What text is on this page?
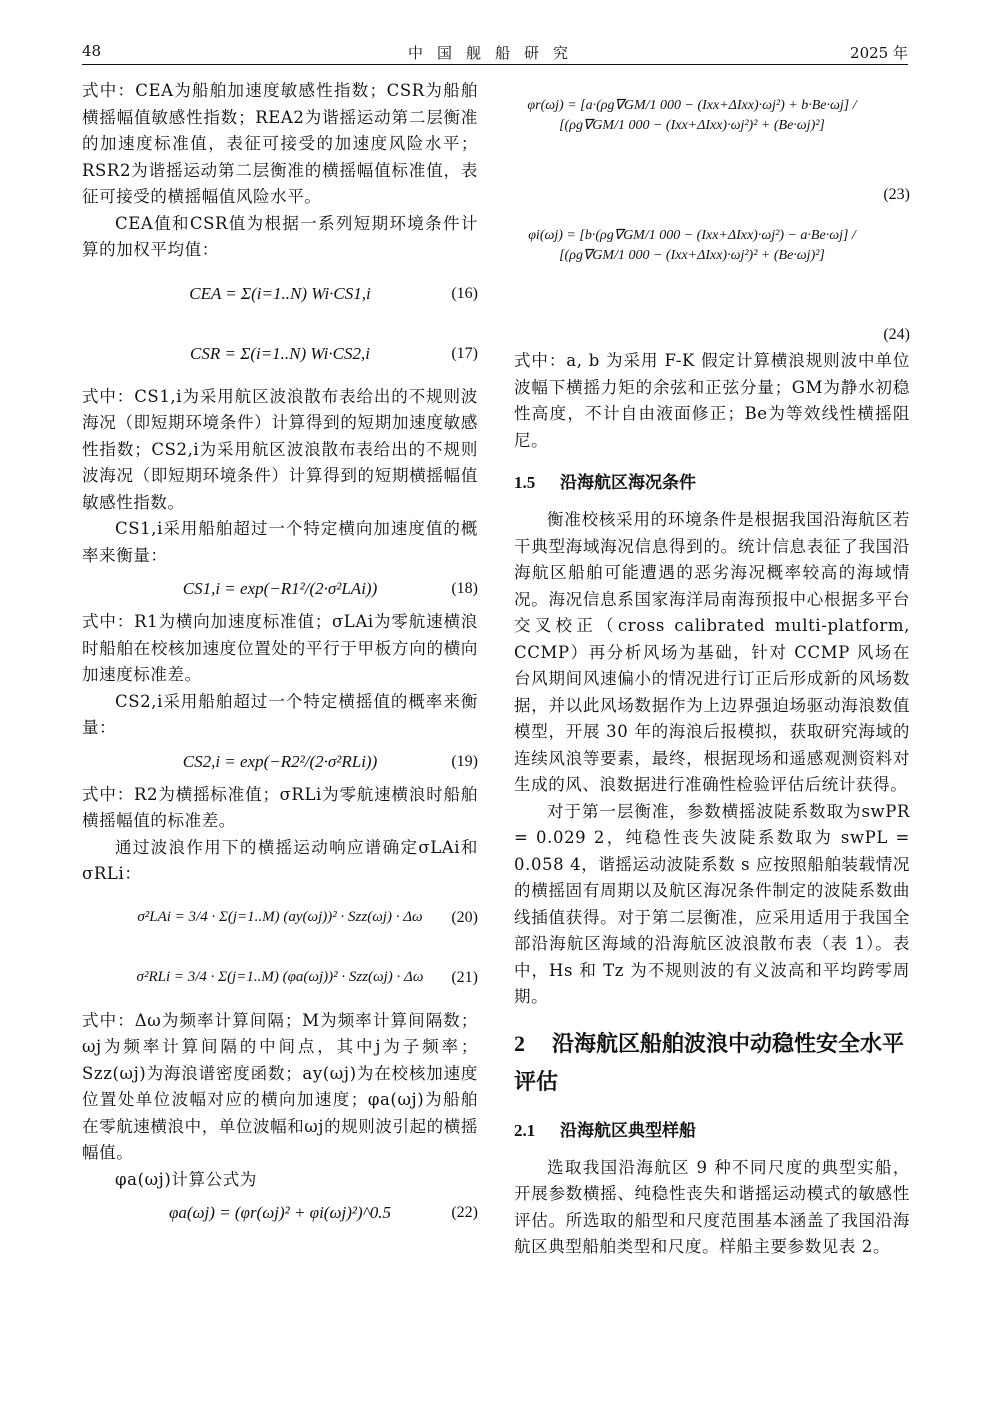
48	中国舰船研究	2025 年

式中：CEA为船舶加速度敏感性指数；CSR为船舶横摇幅值敏感性指数；REA2为谐摇运动第二层衡准的加速度标准值，表征可接受的加速度风险水平；RSR2为谐摇运动第二层衡准的横摇幅值标准值，表征可接受的横摇幅值风险水平。

CEA值和CSR值为根据一系列短期环境条件计算的加权平均值：

CEA = Σ(i=1..N) Wi·CS1,i	(16)
CSR = Σ(i=1..N) Wi·CS2,i	(17)

式中：CS1,i为采用航区波浪散布表给出的不规则波海况（即短期环境条件）计算得到的短期加速度敏感性指数；CS2,i为采用航区波浪散布表给出的不规则波海况（即短期环境条件）计算得到的短期横摇幅值敏感性指数。

CS1,i采用船舶超过一个特定横向加速度值的概率来衡量：

CS1,i = exp(−R1²/(2·σ²LAi))	(18)

式中：R1为横向加速度标准值；σLAi为零航速横浪时船舶在校核加速度位置处的平行于甲板方向的横向加速度标准差。

CS2,i采用船舶超过一个特定横摇值的概率来衡量：

CS2,i = exp(−R2²/(2·σ²RLi))	(19)

式中：R2为横摇标准值；σRLi为零航速横浪时船舶横摇幅值的标准差。

通过波浪作用下的横摇运动响应谱确定σLAi和σRLi：

σ²LAi = 3/4 · Σ(j=1..M) (ay(ωj))² · Szz(ωj) · Δω (20)
σ²RLi = 3/4 · Σ(j=1..M) (φa(ωj))² · Szz(ωj) · Δω (21)

式中：Δω为频率计算间隔；M为频率计算间隔数；ωj为频率计算间隔的中间点，其中j为子频率；Szz(ωj)为海浪谱密度函数；ay(ωj)为在校核加速度位置处单位波幅对应的横向加速度；φa(ωj)为船舶在零航速横浪中，单位波幅和ωj的规则波引起的横摇幅值。

φa(ωj)计算公式为

φa(ωj) = (φr(ωj)² + φi(ωj)²)^0.5	(22)
φr(ωj) = [a·(ρg∇GM/1 000 − (Ixx+ΔIxx)·ωj²) + b·Be·ωj] / [(ρg∇GM/1 000 − (Ixx+ΔIxx)·ωj²)² + (Be·ωj)²]
(23)
φi(ωj) = [b·(ρg∇GM/1 000 − (Ixx+ΔIxx)·ωj²) − a·Be·ωj] / [(ρg∇GM/1 000 − (Ixx+ΔIxx)·ωj²)² + (Be·ωj)²]
(24)

式中：a, b 为采用 F-K 假定计算横浪规则波中单位波幅下横摇力矩的余弦和正弦分量；GM为静水初稳性高度，不计自由液面修正；Be为等效线性横摇阻尼。

1.5 沿海航区海况条件

衡准校核采用的环境条件是根据我国沿海航区若干典型海域海况信息得到的。统计信息表征了我国沿海航区船舶可能遭遇的恶劣海况概率较高的海域情况。海况信息系国家海洋局南海预报中心根据多平台交叉校正（cross calibrated multi-platform, CCMP）再分析风场为基础，针对 CCMP 风场在台风期间风速偏小的情况进行订正后形成新的风场数据，并以此风场数据作为上边界强迫场驱动海浪数值模型，开展 30 年的海浪后报模拟，获取研究海域的连续风浪等要素，最终，根据现场和遥感观测资料对生成的风、浪数据进行准确性检验评估后统计获得。

对于第一层衡准，参数横摇波陡系数取为swPR = 0.029 2，纯稳性丧失波陡系数取为 swPL = 0.058 4，谐摇运动波陡系数 s 应按照船舶装载情况的横摇固有周期以及航区海况条件制定的波陡系数曲线插值获得。对于第二层衡准，应采用适用于我国全部沿海航区海域的沿海航区波浪散布表（表 1）。表中，Hs 和 Tz 为不规则波的有义波高和平均跨零周期。

2 沿海航区船舶波浪中动稳性安全水平评估

2.1 沿海航区典型样船

选取我国沿海航区 9 种不同尺度的典型实船，开展参数横摇、纯稳性丧失和谐摇运动模式的敏感性评估。所选取的船型和尺度范围基本涵盖了我国沿海航区典型船舶类型和尺度。样船主要参数见表 2。
